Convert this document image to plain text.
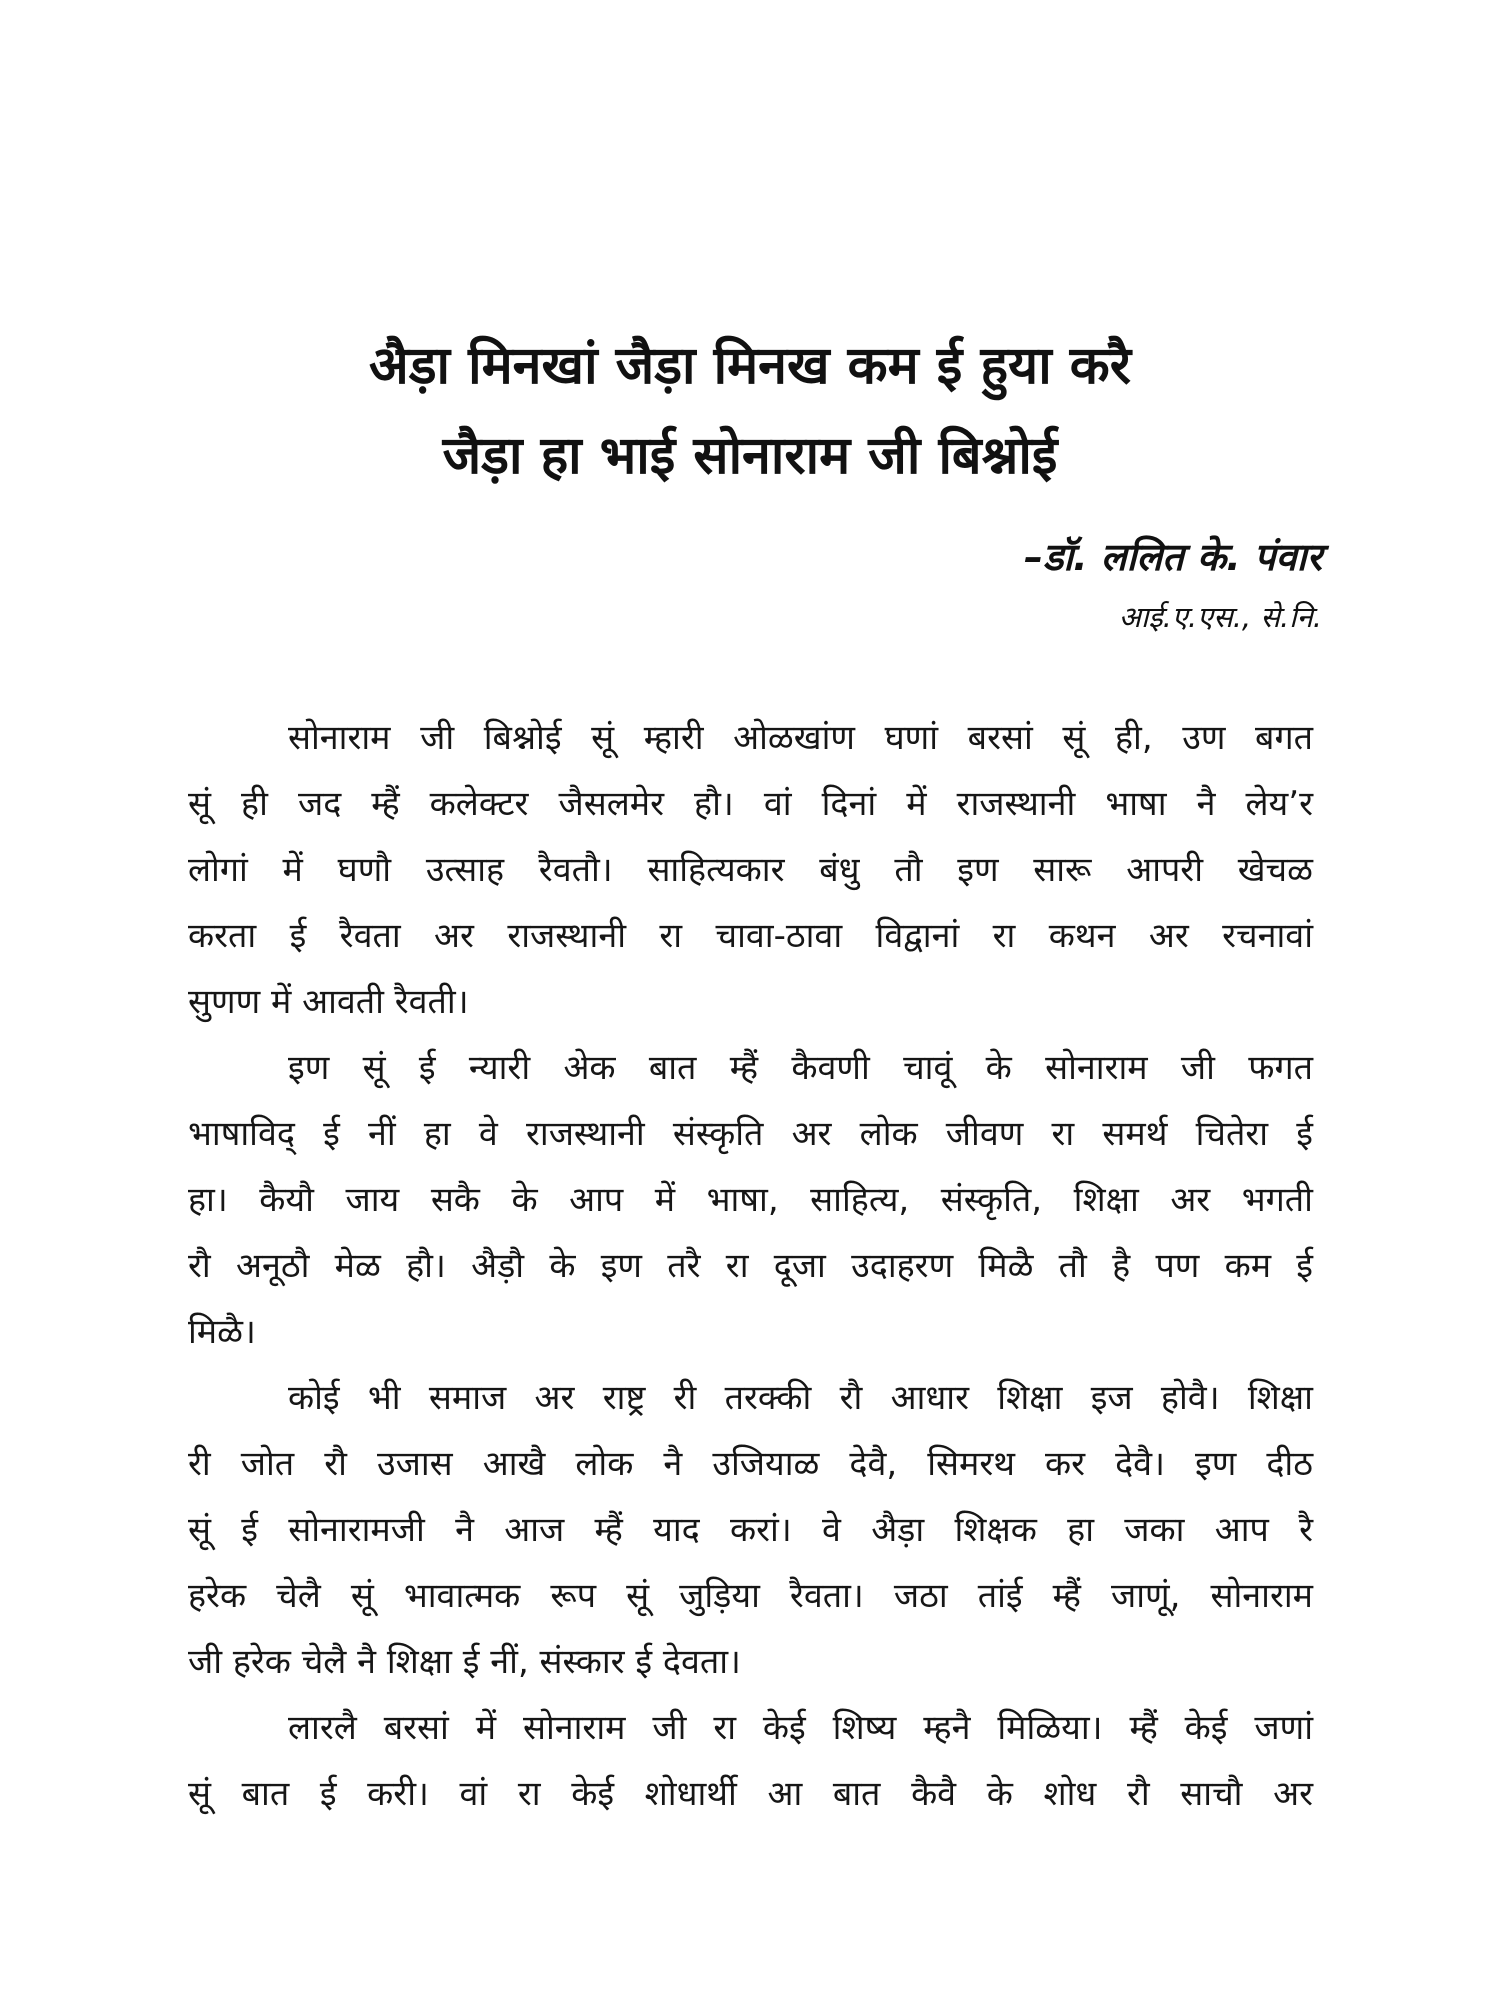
अैड़ा मिनखां जैड़ा मिनख कम ई हुया करै
जैड़ा हा भाई सोनाराम जी बिश्नोई
–डॉ. ललित के. पंवार
आई.ए.एस., से.नि.
सोनाराम जी बिश्नोई सूं म्हारी ओळखांण घणां बरसां सूं ही, उण बगत
सूं ही जद म्हैं कलेक्टर जैसलमेर हौ। वां दिनां में राजस्थानी भाषा नै लेय’र
लोगां में घणौ उत्साह रैवतौ। साहित्यकार बंधु तौ इण सारू आपरी खेचळ
करता ई रैवता अर राजस्थानी रा चावा-ठावा विद्वानां रा कथन अर रचनावां
सुणण में आवती रैवती।
इण सूं ई न्यारी अेक बात म्हैं कैवणी चावूं के सोनाराम जी फगत
भाषाविद् ई नीं हा वे राजस्थानी संस्कृति अर लोक जीवण रा समर्थ चितेरा ई
हा। कैयौ जाय सकै के आप में भाषा, साहित्य, संस्कृति, शिक्षा अर भगती
रौ अनूठौ मेळ हौ। अैड़ौ के इण तरै रा दूजा उदाहरण मिळै तौ है पण कम ई
मिळै।
कोई भी समाज अर राष्ट्र री तरक्की रौ आधार शिक्षा इज होवै। शिक्षा
री जोत रौ उजास आखै लोक नै उजियाळ देवै, सिमरथ कर देवै। इण दीठ
सूं ई सोनारामजी नै आज म्हैं याद करां। वे अैड़ा शिक्षक हा जका आप रै
हरेक चेलै सूं भावात्मक रूप सूं जुड़िया रैवता। जठा तांई म्हैं जाणूं, सोनाराम
जी हरेक चेलै नै शिक्षा ई नीं, संस्कार ई देवता।
लारलै बरसां में सोनाराम जी रा केई शिष्य म्हनै मिळिया। म्हैं केई जणां
सूं बात ई करी। वां रा केई शोधार्थी आ बात कैवै के शोध रौ साचौ अर
